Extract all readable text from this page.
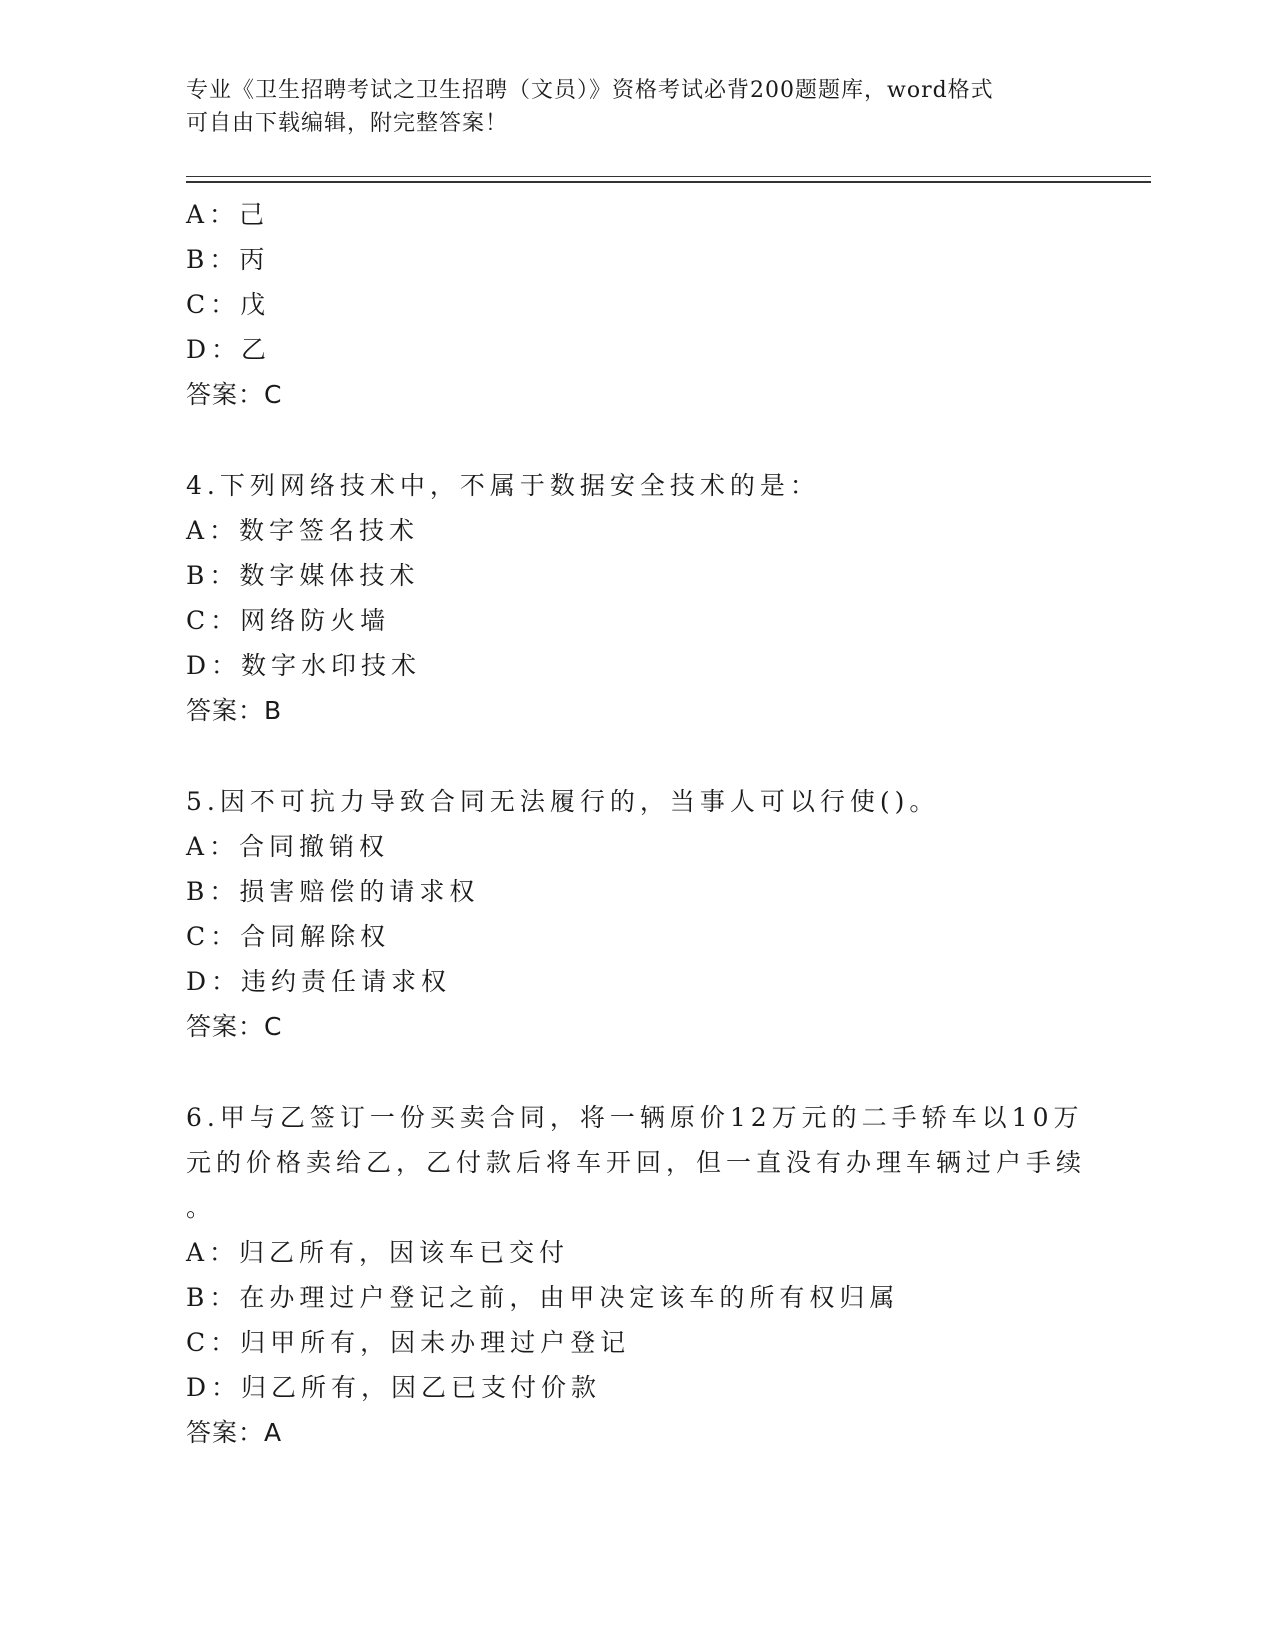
专业《卫生招聘考试之卫生招聘（文员）》资格考试必背200题题库，word格式

可自由下载编辑，附完整答案！

A：己
B：丙
C：戊
D：乙
答案：C
4.下列网络技术中，不属于数据安全技术的是：
A：数字签名技术
B：数字媒体技术
C：网络防火墙
D：数字水印技术
答案：B
5.因不可抗力导致合同无法履行的，当事人可以行使()。
A：合同撤销权
B：损害赔偿的请求权
C：合同解除权
D：违约责任请求权
答案：C
6.甲与乙签订一份买卖合同，将一辆原价12万元的二手轿车以10万
元的价格卖给乙，乙付款后将车开回，但一直没有办理车辆过户手续
。
A：归乙所有，因该车已交付
B：在办理过户登记之前，由甲决定该车的所有权归属
C：归甲所有，因未办理过户登记
D：归乙所有，因乙已支付价款
答案：A
